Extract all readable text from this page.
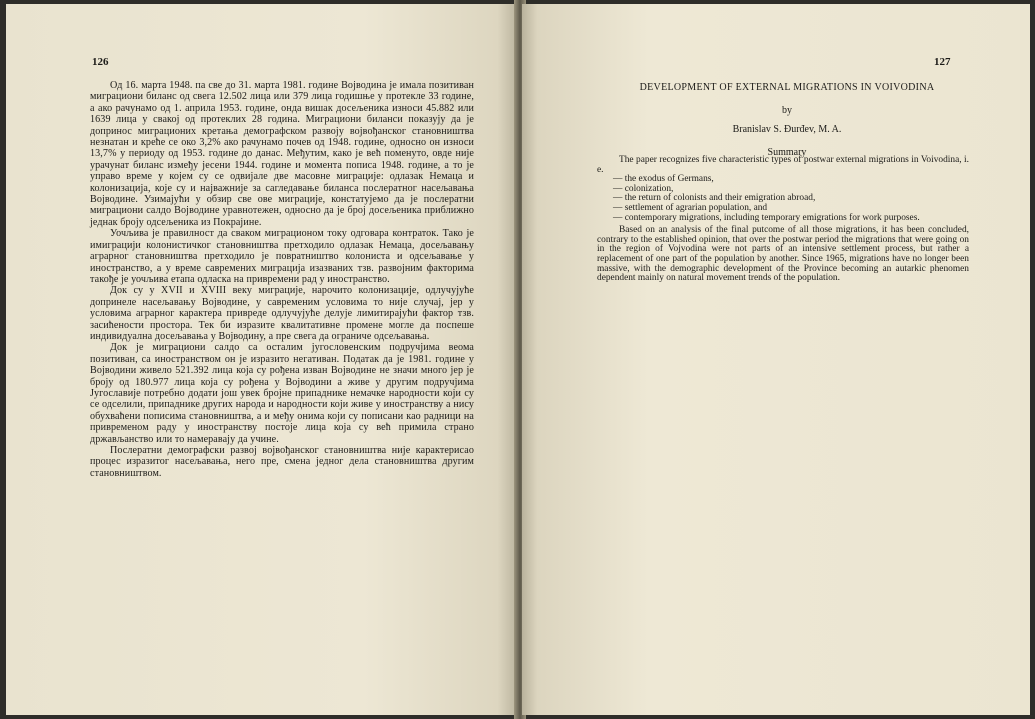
126

Од 16. марта 1948. па све до 31. марта 1981. године Војводина је имала позитиван миграциони биланс од свега 12.502 лица или 379 лица годишње у протекле 33 године, а ако рачунамо од 1. априла 1953. године, онда вишак досељеника износи 45.882 или 1639 лица у свакој од протеклих 28 година. Миграциони биланси показују да је допринос миграционих кретања демографском развоју војвођанског становништва незнатан и креће се око 3,2% ако рачунамо почев од 1948. године, односно он износи 13,7% у периоду од 1953. године до данас. Међутим, како је већ поменуто, овде није урачунат биланс између јесени 1944. године и момента пописа 1948. године, а то је управо време у којем су се одвијале две масовне миграције: одлазак Немаца и колонизација, које су и најважније за сагледавање биланса послератног насељавања Војводине. Узимајући у обзир све ове миграције, констатујемо да је послератни миграциони салдо Војводине уравнотежен, односно да је број досељеника приближно једнак броју одсељеника из Покрајине.

Уочљива је правилност да сваком миграционом току одговара контраток. Тако је имиграцији колонистичког становништва претходило одлазак Немаца, досељавању аграрног становништва претходило је повратништво колониста и одсељавање у иностранство, а у време савремених миграција изазваних тзв. развојним факторима такође је уочљива етапа одласка на привремени рад у иностранство.

Док су у XVII и XVIII веку миграције, нарочито колонизације, одлучујуће допринеле насељавању Војводине, у савременим условима то није случај, јер у условима аграрног карактера привреде одлучујуће делује лимитирајући фактор тзв. засићености простора. Тек би изразите квалитативне промене могле да поспеше индивидуална досељавања у Војводину, а пре свега да ограниче одсељавања.

Док је миграциони салдо са осталим југословенским подручјима веома позитиван, са иностранством он је изразито негативан. Податак да је 1981. године у Војводини живело 521.392 лица која су рођена изван Војводине не значи много јер је броју од 180.977 лица која су рођена у Војводини а живе у другим подручјима Југославије потребно додати још увек бројне припаднике немачке народности који су се одселили, припаднике других народа и народности који живе у иностранству а нису обухваћени пописима становништва, а и међу онима који су пописани као радници на привременом раду у иностранству постоје лица која су већ примила страно држављанство или то намеравају да учине.

Послератни демографски развој војвођанског становништва није карактерисао процес изразитог насељавања, него пре, смена једног дела становништва другим становништвом.

127
DEVELOPMENT OF EXTERNAL MIGRATIONS IN VOIVODINA
by
Branislav S. Đurđev, M. A.
Summary

The paper recognizes five characteristic types of postwar external migrations in Voivodina, i. e.

— the exodus of Germans,
— colonization,
— the return of colonists and their emigration abroad,
— settlement of agrarian population, and
— contemporary migrations, including temporary emigrations for work purposes.

Based on an analysis of the final putcome of all those migrations, it has been concluded, contrary to the established opinion, that over the postwar period the migrations that were going on in the region of Vojvodina were not parts of an intensive settlement process, but rather a replacement of one part of the population by another. Since 1965, migrations have no longer been massive, with the demographic development of the Province becoming an autarkic phenomen dependent mainly on natural movement trends of the population.
